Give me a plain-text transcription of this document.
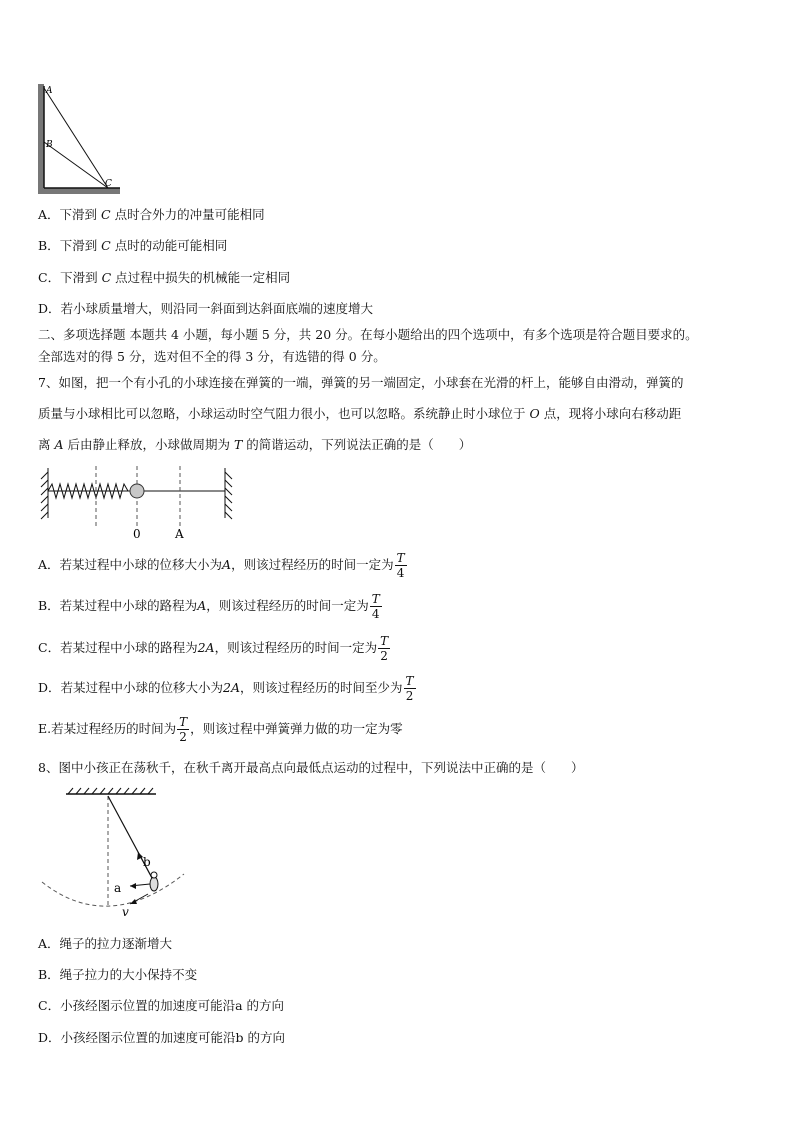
A
B
C
A．下滑到 C 点时合外力的冲量可能相同
B．下滑到 C 点时的动能可能相同
C．下滑到 C 点过程中损失的机械能一定相同
D．若小球质量增大，则沿同一斜面到达斜面底端的速度增大
二、多项选择题 本题共 4 小题，每小题 5 分，共 20 分。在每小题给出的四个选项中，有多个选项是符合题目要求的。
全部选对的得 5 分，选对但不全的得 3 分，有选错的得 0 分。
7、如图，把一个有小孔的小球连接在弹簧的一端，弹簧的另一端固定，小球套在光滑的杆上，能够自由滑动，弹簧的
质量与小球相比可以忽略，小球运动时空气阻力很小，也可以忽略。系统静止时小球位于 O 点，现将小球向右移动距
离 A 后由静止释放，小球做周期为 T 的简谐运动，下列说法正确的是（　　）
0	A
A．若某过程中小球的位移大小为A，则该过程经历的时间一定为 $\frac{T}{4}$
B．若某过程中小球的路程为A，则该过程经历的时间一定为 $\frac{T}{4}$
C．若某过程中小球的路程为2A，则该过程经历的时间一定为 $\frac{T}{2}$
D．若某过程中小球的位移大小为2A，则该过程经历的时间至少为 $\frac{T}{2}$
E.若某过程经历的时间为 $\frac{T}{2}$ ，则该过程中弹簧弹力做的功一定为零
8、图中小孩正在荡秋千，在秋千离开最高点向最低点运动的过程中，下列说法中正确的是（　　）
b
a
v
A．绳子的拉力逐渐增大
B．绳子拉力的大小保持不变
C．小孩经图示位置的加速度可能沿a 的方向
D．小孩经图示位置的加速度可能沿b 的方向
